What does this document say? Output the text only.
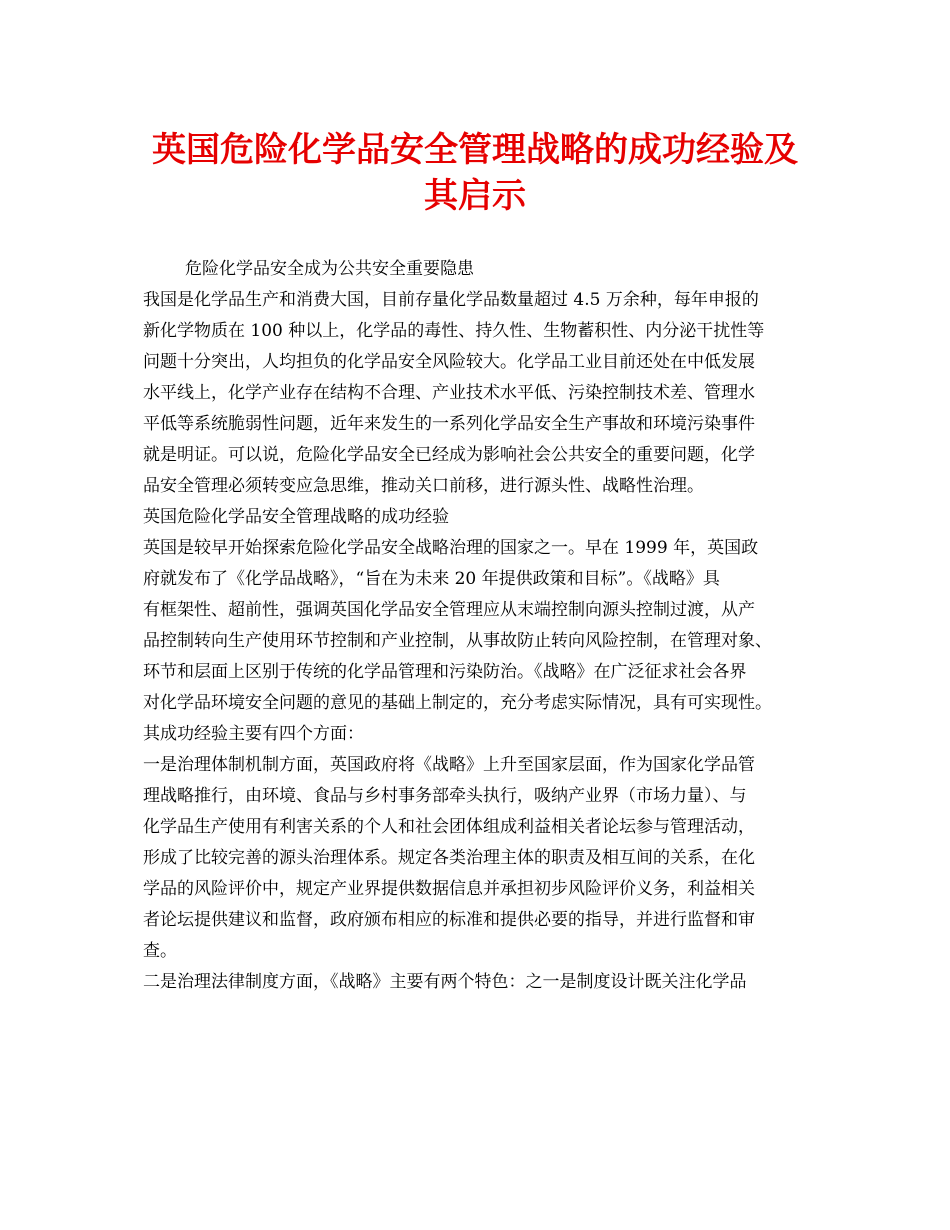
英国危险化学品安全管理战略的成功经验及
其启示
危险化学品安全成为公共安全重要隐患
我国是化学品生产和消费大国，目前存量化学品数量超过 4.5 万余种，每年申报的
新化学物质在 100 种以上，化学品的毒性、持久性、生物蓄积性、内分泌干扰性等
问题十分突出，人均担负的化学品安全风险较大。化学品工业目前还处在中低发展
水平线上，化学产业存在结构不合理、产业技术水平低、污染控制技术差、管理水
平低等系统脆弱性问题，近年来发生的一系列化学品安全生产事故和环境污染事件
就是明证。可以说，危险化学品安全已经成为影响社会公共安全的重要问题，化学
品安全管理必须转变应急思维，推动关口前移，进行源头性、战略性治理。
英国危险化学品安全管理战略的成功经验
英国是较早开始探索危险化学品安全战略治理的国家之一。早在 1999 年，英国政
府就发布了《化学品战略》，“旨在为未来 20 年提供政策和目标”。《战略》具
有框架性、超前性，强调英国化学品安全管理应从末端控制向源头控制过渡，从产
品控制转向生产使用环节控制和产业控制，从事故防止转向风险控制，在管理对象、
环节和层面上区别于传统的化学品管理和污染防治。《战略》在广泛征求社会各界
对化学品环境安全问题的意见的基础上制定的，充分考虑实际情况，具有可实现性。
其成功经验主要有四个方面：
一是治理体制机制方面，英国政府将《战略》上升至国家层面，作为国家化学品管
理战略推行，由环境、食品与乡村事务部牵头执行，吸纳产业界（市场力量）、与
化学品生产使用有利害关系的个人和社会团体组成利益相关者论坛参与管理活动，
形成了比较完善的源头治理体系。规定各类治理主体的职责及相互间的关系，在化
学品的风险评价中，规定产业界提供数据信息并承担初步风险评价义务，利益相关
者论坛提供建议和监督，政府颁布相应的标准和提供必要的指导，并进行监督和审
查。
二是治理法律制度方面，《战略》主要有两个特色：之一是制度设计既关注化学品
